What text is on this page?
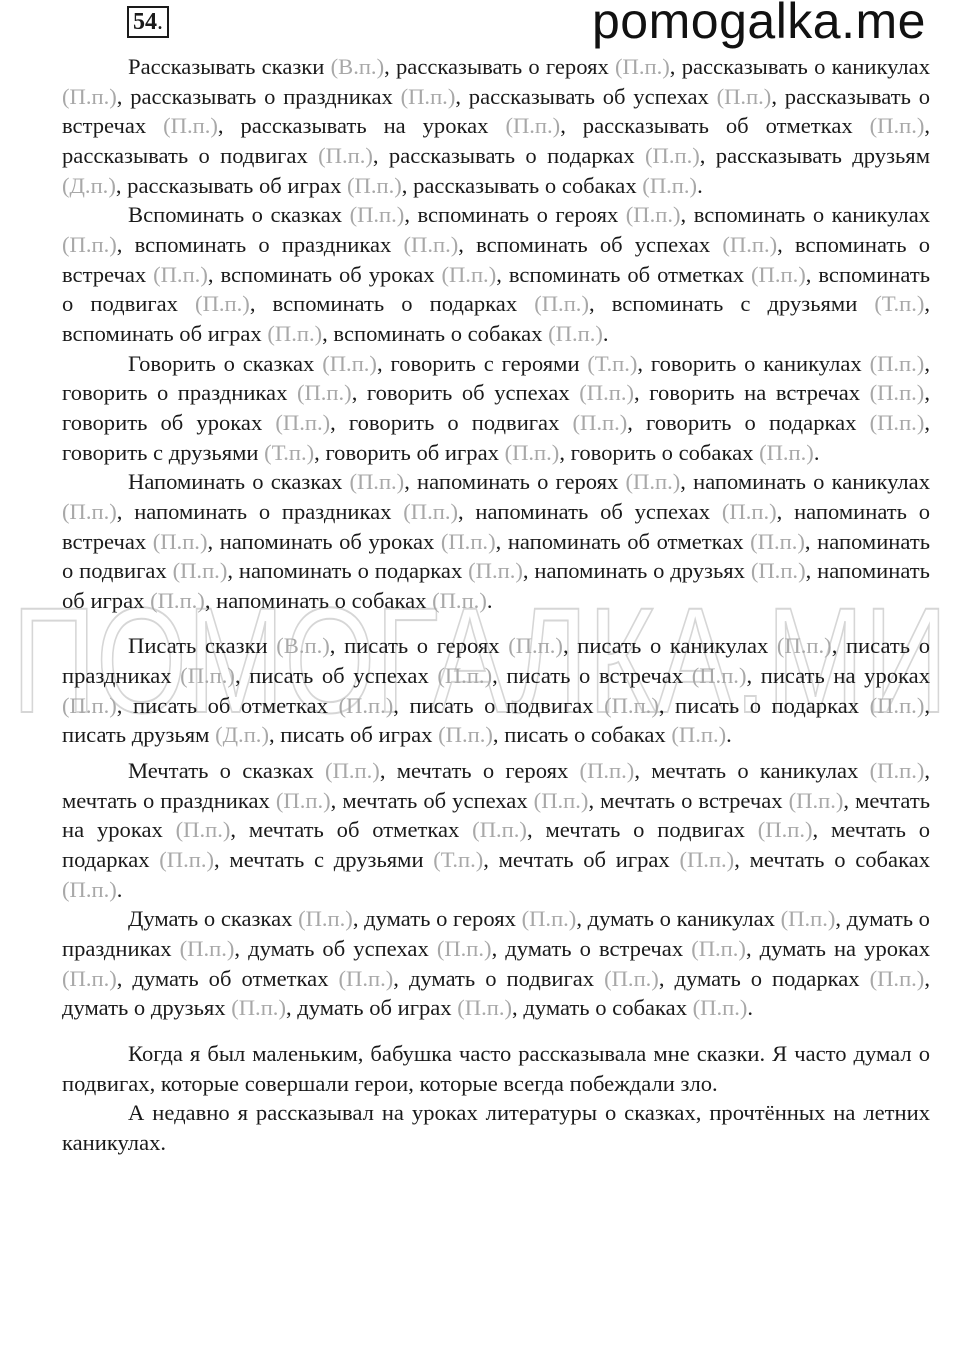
54.	pomogalka.me
ПОМОГАЛКА.МИ

Рассказывать сказки (В.п.), рассказывать о героях (П.п.), рассказывать о каникулах (П.п.), рассказывать о праздниках (П.п.), рассказывать об успехах (П.п.), рассказывать о встречах (П.п.), рассказывать на уроках (П.п.), рассказывать об отметках (П.п.), рассказывать о подвигах (П.п.), рассказывать о подарках (П.п.), рассказывать друзьям (Д.п.), рассказывать об играх (П.п.), рассказывать о собаках (П.п.).

Вспоминать о сказках (П.п.), вспоминать о героях (П.п.), вспоминать о каникулах (П.п.), вспоминать о праздниках (П.п.), вспоминать об успехах (П.п.), вспоминать о встречах (П.п.), вспоминать об уроках (П.п.), вспоминать об отметках (П.п.), вспоминать о подвигах (П.п.), вспоминать о подарках (П.п.), вспоминать с друзьями (Т.п.), вспоминать об играх (П.п.), вспоминать о собаках (П.п.).

Говорить о сказках (П.п.), говорить с героями (Т.п.), говорить о каникулах (П.п.), говорить о праздниках (П.п.), говорить об успехах (П.п.), говорить на встречах (П.п.), говорить об уроках (П.п.), говорить о подвигах (П.п.), говорить о подарках (П.п.), говорить с друзьями (Т.п.), говорить об играх (П.п.), говорить о собаках (П.п.).

Напоминать о сказках (П.п.), напоминать о героях (П.п.), напоминать о каникулах (П.п.), напоминать о праздниках (П.п.), напоминать об успехах (П.п.), напоминать о встречах (П.п.), напоминать об уроках (П.п.), напоминать об отметках (П.п.), напоминать о подвигах (П.п.), напоминать о подарках (П.п.), напоминать о друзьях (П.п.), напоминать об играх (П.п.), напоминать о собаках (П.п.).

Писать сказки (В.п.), писать о героях (П.п.), писать о каникулах (П.п.), писать о праздниках (П.п.), писать об успехах (П.п.), писать о встречах (П.п.), писать на уроках (П.п.), писать об отметках (П.п.), писать о подвигах (П.п.), писать о подарках (П.п.), писать друзьям (Д.п.), писать об играх (П.п.), писать о собаках (П.п.).

Мечтать о сказках (П.п.), мечтать о героях (П.п.), мечтать о каникулах (П.п.), мечтать о праздниках (П.п.), мечтать об успехах (П.п.), мечтать о встречах (П.п.), мечтать на уроках (П.п.), мечтать об отметках (П.п.), мечтать о подвигах (П.п.), мечтать о подарках (П.п.), мечтать с друзьями (Т.п.), мечтать об играх (П.п.), мечтать о собаках (П.п.).

Думать о сказках (П.п.), думать о героях (П.п.), думать о каникулах (П.п.), думать о праздниках (П.п.), думать об успехах (П.п.), думать о встречах (П.п.), думать на уроках (П.п.), думать об отметках (П.п.), думать о подвигах (П.п.), думать о подарках (П.п.), думать о друзьях (П.п.), думать об играх (П.п.), думать о собаках (П.п.).

Когда я был маленьким, бабушка часто рассказывала мне сказки. Я часто думал о подвигах, которые совершали герои, которые всегда побеждали зло.

А недавно я рассказывал на уроках литературы о сказках, прочтённых на летних каникулах.
